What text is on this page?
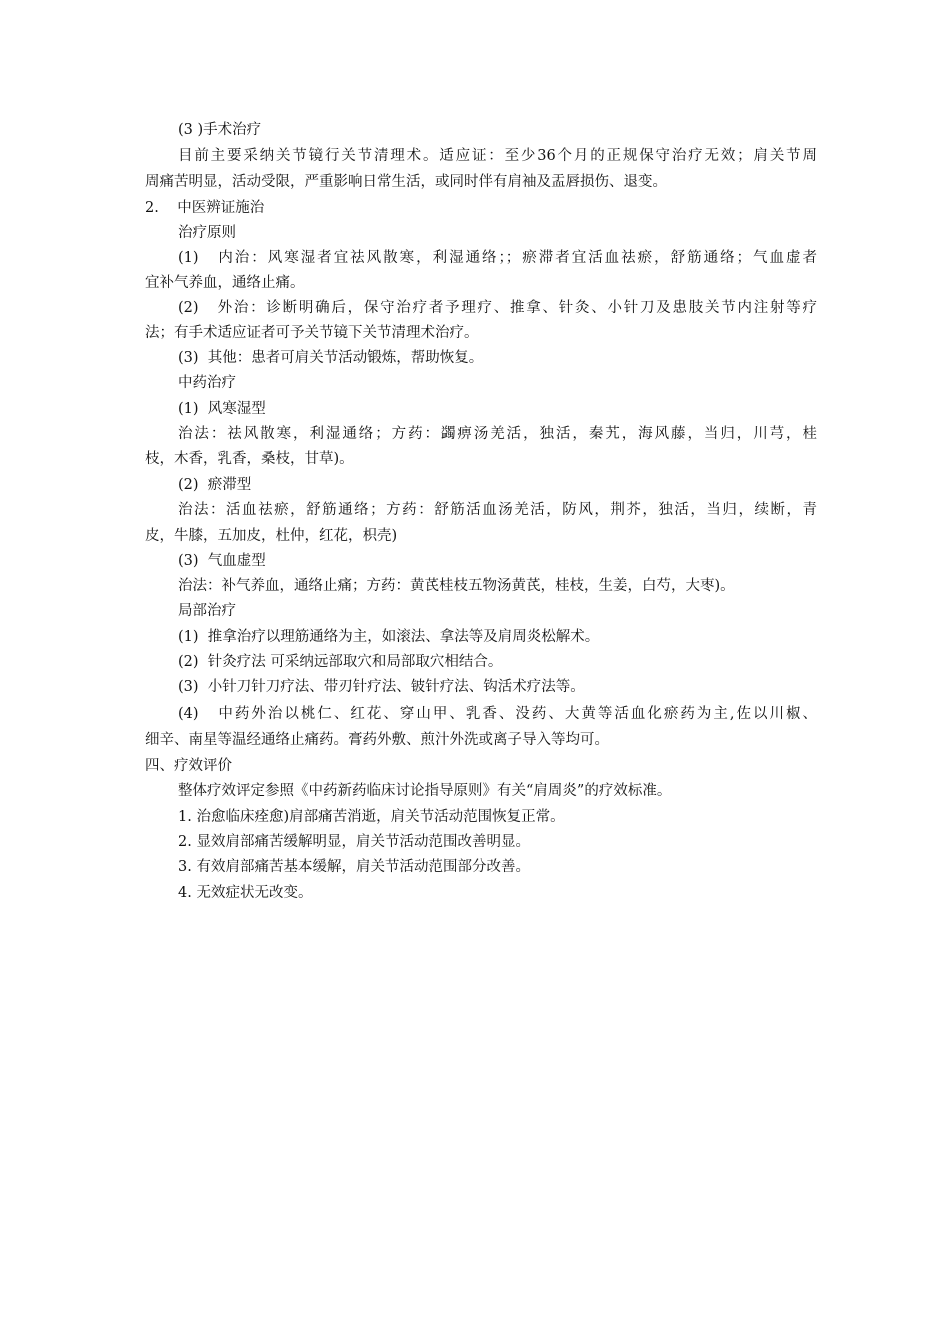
(3 )手术治疗
目前主要采纳关节镜行关节清理术。适应证：至少36个月的正规保守治疗无效；肩关节周
周痛苦明显，活动受限，严重影响日常生活，或同时伴有肩袖及盂唇损伤、退变。
2.    中医辨证施治
治疗原则
(1)   内治：风寒湿者宜祛风散寒，利湿通络；；瘀滞者宜活血祛瘀，舒筋通络；气血虚者
宜补气养血，通络止痛。
(2)   外治：诊断明确后，保守治疗者予理疗、推拿、针灸、小针刀及患肢关节内注射等疗
法；有手术适应证者可予关节镜下关节清理术治疗。
(3)  其他：患者可肩关节活动锻炼，帮助恢复。
中药治疗
(1)  风寒湿型
治法：祛风散寒，利湿通络；方药：蠲痹汤羌活，独活，秦艽，海风藤，当归，川芎，桂
枝，木香，乳香，桑枝，甘草)。
(2)  瘀滞型
治法：活血祛瘀，舒筋通络；方药：舒筋活血汤羌活，防风，荆芥，独活，当归，续断，青
皮，牛膝，五加皮，杜仲，红花，枳壳)
(3)  气血虚型
治法：补气养血，通络止痛；方药：黄芪桂枝五物汤黄芪，桂枝，生姜，白芍，大枣)。
局部治疗
(1)  推拿治疗以理筋通络为主，如滚法、拿法等及肩周炎松解术。
(2)  针灸疗法 可采纳远部取穴和局部取穴相结合。
(3)  小针刀针刀疗法、带刃针疗法、铍针疗法、钩活术疗法等。
(4)   中药外治以桃仁、红花、穿山甲、乳香、没药、大黄等活血化瘀药为主,佐以川椒、
细辛、南星等温经通络止痛药。膏药外敷、煎汁外洗或离子导入等均可。
四、疗效评价
整体疗效评定参照《中药新药临床讨论指导原则》有关“肩周炎”的疗效标准。
1. 治愈临床痊愈)肩部痛苦消逝，肩关节活动范围恢复正常。
2. 显效肩部痛苦缓解明显，肩关节活动范围改善明显。
3. 有效肩部痛苦基本缓解，肩关节活动范围部分改善。
4. 无效症状无改变。
